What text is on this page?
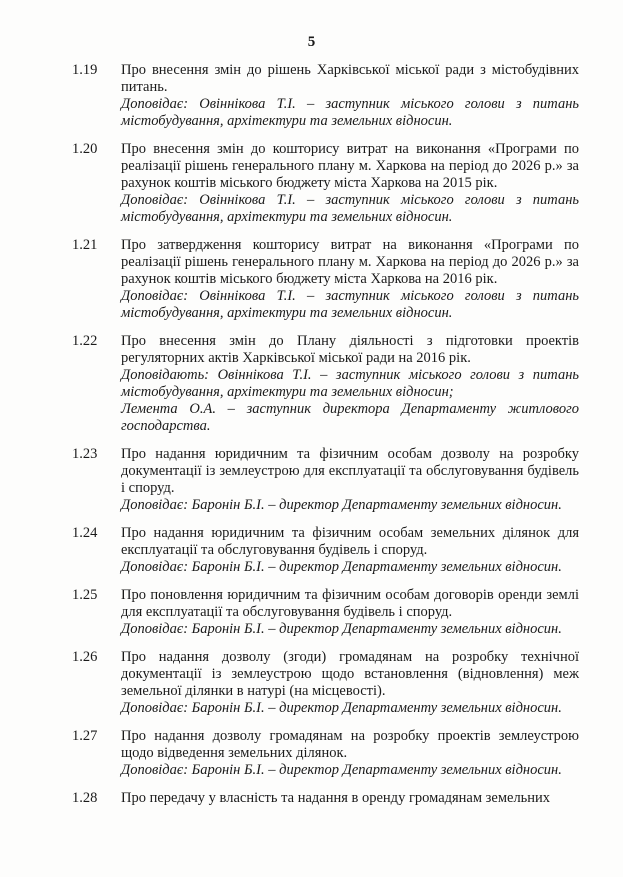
5
1.19 Про внесення змін до рішень Харківської міської ради з містобудівних питань.

Доповідає: Овіннікова Т.І. – заступник міського голови з питань містобудування, архітектури та земельних відносин.

1.20 Про внесення змін до кошторису витрат на виконання «Програми по реалізації рішень генерального плану м. Харкова на період до 2026 р.» за рахунок коштів міського бюджету міста Харкова на 2015 рік.

Доповідає: Овіннікова Т.І. – заступник міського голови з питань містобудування, архітектури та земельних відносин.

1.21 Про затвердження кошторису витрат на виконання «Програми по реалізації рішень генерального плану м. Харкова на період до 2026 р.» за рахунок коштів міського бюджету міста Харкова на 2016 рік.

Доповідає: Овіннікова Т.І. – заступник міського голови з питань містобудування, архітектури та земельних відносин.

1.22 Про внесення змін до Плану діяльності з підготовки проектів регуляторних актів Харківської міської ради на 2016 рік.

Доповідають: Овіннікова Т.І. – заступник міського голови з питань містобудування, архітектури та земельних відносин;

Лемента О.А. – заступник директора Департаменту житлового господарства.

1.23 Про надання юридичним та фізичним особам дозволу на розробку документації із землеустрою для експлуатації та обслуговування будівель і споруд.

Доповідає: Баронін Б.І. – директор Департаменту земельних відносин.

1.24 Про надання юридичним та фізичним особам земельних ділянок для експлуатації та обслуговування будівель і споруд.

Доповідає: Баронін Б.І. – директор Департаменту земельних відносин.

1.25 Про поновлення юридичним та фізичним особам договорів оренди землі для експлуатації та обслуговування будівель і споруд.

Доповідає: Баронін Б.І. – директор Департаменту земельних відносин.

1.26 Про надання дозволу (згоди) громадянам на розробку технічної документації із землеустрою щодо встановлення (відновлення) меж земельної ділянки в натурі (на місцевості).

Доповідає: Баронін Б.І. – директор Департаменту земельних відносин.

1.27 Про надання дозволу громадянам на розробку проектів землеустрою щодо відведення земельних ділянок.

Доповідає: Баронін Б.І. – директор Департаменту земельних відносин.

1.28 Про передачу у власність та надання в оренду громадянам земельних
